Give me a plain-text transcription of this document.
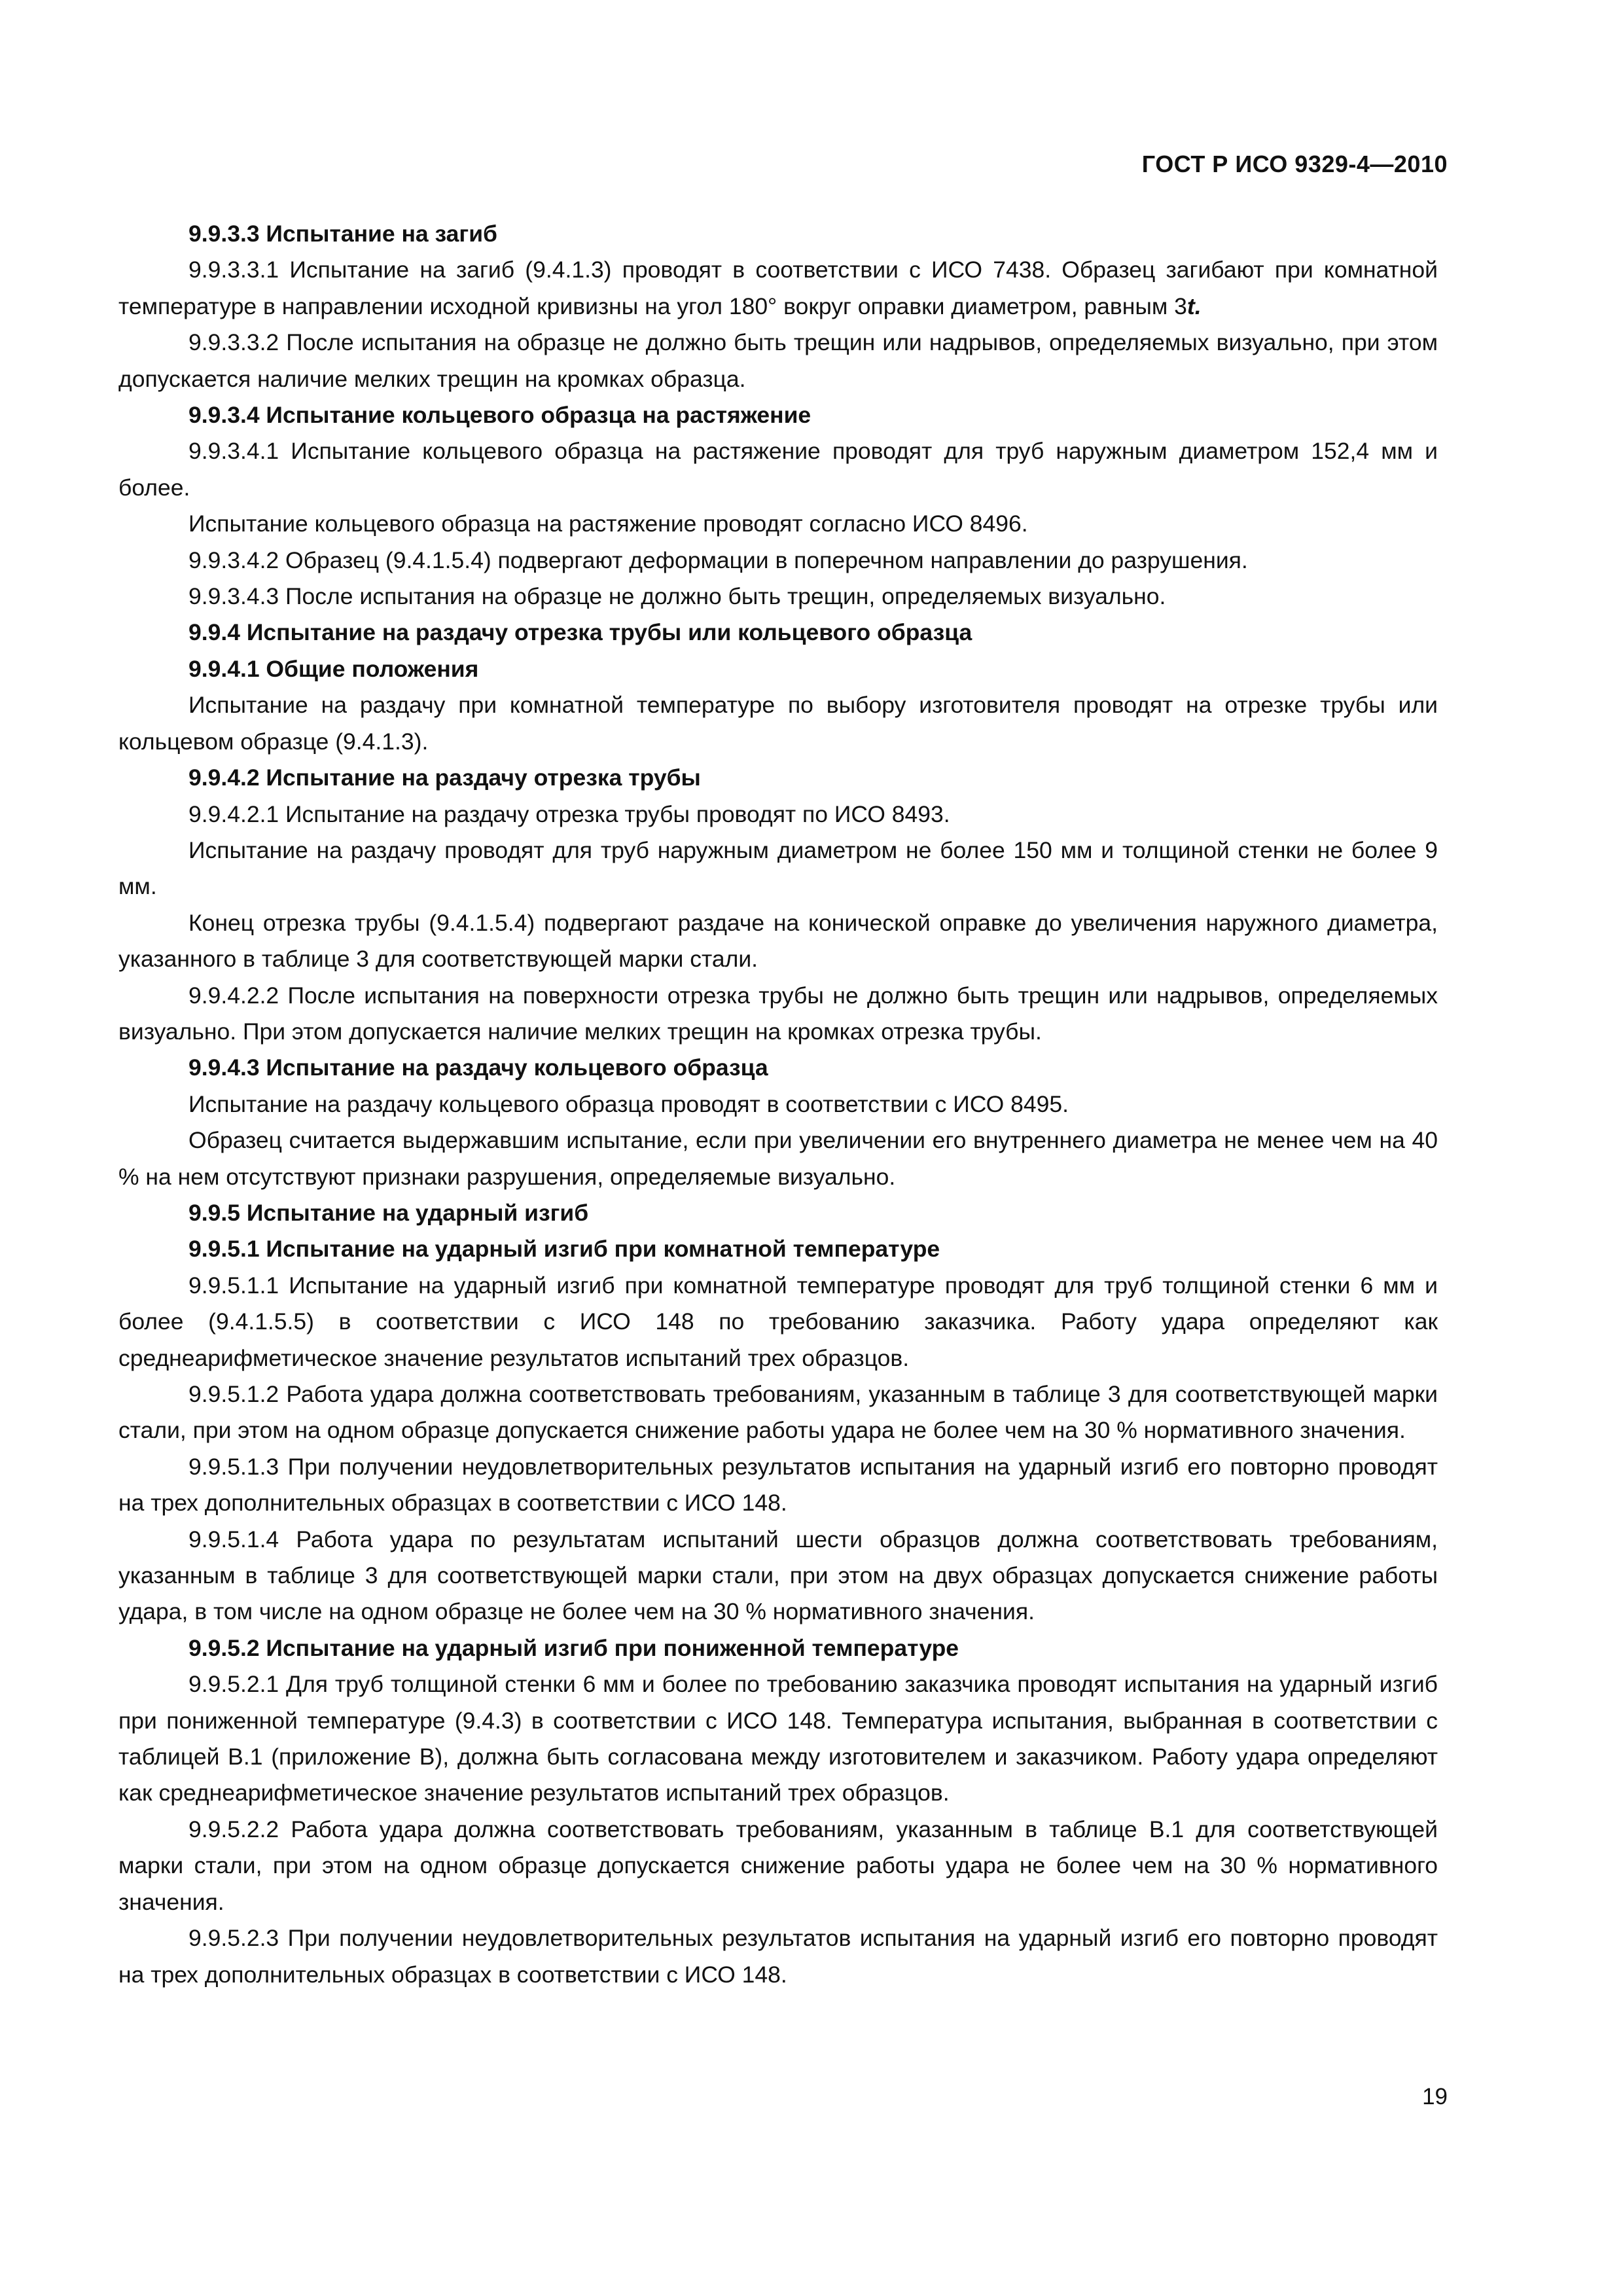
ГОСТ Р ИСО 9329-4—2010

9.9.3.3 Испытание на загиб

9.9.3.3.1 Испытание на загиб (9.4.1.3) проводят в соответствии с ИСО 7438. Образец загибают при комнатной температуре в направлении исходной кривизны на угол 180° вокруг оправки диаметром, равным 3t.

9.9.3.3.2 После испытания на образце не должно быть трещин или надрывов, определяемых визуально, при этом допускается наличие мелких трещин на кромках образца.

9.9.3.4 Испытание кольцевого образца на растяжение

9.9.3.4.1 Испытание кольцевого образца на растяжение проводят для труб наружным диаметром 152,4 мм и более.

Испытание кольцевого образца на растяжение проводят согласно ИСО 8496.

9.9.3.4.2 Образец (9.4.1.5.4) подвергают деформации в поперечном направлении до разрушения.

9.9.3.4.3 После испытания на образце не должно быть трещин, определяемых визуально.

9.9.4 Испытание на раздачу отрезка трубы или кольцевого образца

9.9.4.1 Общие положения

Испытание на раздачу при комнатной температуре по выбору изготовителя проводят на отрезке трубы или кольцевом образце (9.4.1.3).

9.9.4.2 Испытание на раздачу отрезка трубы

9.9.4.2.1 Испытание на раздачу отрезка трубы проводят по ИСО 8493.

Испытание на раздачу проводят для труб наружным диаметром не более 150 мм и толщиной стенки не более 9 мм.

Конец отрезка трубы (9.4.1.5.4) подвергают раздаче на конической оправке до увеличения наружного диаметра, указанного в таблице 3 для соответствующей марки стали.

9.9.4.2.2 После испытания на поверхности отрезка трубы не должно быть трещин или надрывов, определяемых визуально. При этом допускается наличие мелких трещин на кромках отрезка трубы.

9.9.4.3 Испытание на раздачу кольцевого образца

Испытание на раздачу кольцевого образца проводят в соответствии с ИСО 8495.

Образец считается выдержавшим испытание, если при увеличении его внутреннего диаметра не менее чем на 40 % на нем отсутствуют признаки разрушения, определяемые визуально.

9.9.5 Испытание на ударный изгиб

9.9.5.1 Испытание на ударный изгиб при комнатной температуре

9.9.5.1.1 Испытание на ударный изгиб при комнатной температуре проводят для труб толщиной стенки 6 мм и более (9.4.1.5.5) в соответствии с ИСО 148 по требованию заказчика. Работу удара определяют как среднеарифметическое значение результатов испытаний трех образцов.

9.9.5.1.2 Работа удара должна соответствовать требованиям, указанным в таблице 3 для соответствующей марки стали, при этом на одном образце допускается снижение работы удара не более чем на 30 % нормативного значения.

9.9.5.1.3 При получении неудовлетворительных результатов испытания на ударный изгиб его повторно проводят на трех дополнительных образцах в соответствии с ИСО 148.

9.9.5.1.4 Работа удара по результатам испытаний шести образцов должна соответствовать требованиям, указанным в таблице 3 для соответствующей марки стали, при этом на двух образцах допускается снижение работы удара, в том числе на одном образце не более чем на 30 % нормативного значения.

9.9.5.2 Испытание на ударный изгиб при пониженной температуре

9.9.5.2.1 Для труб толщиной стенки 6 мм и более по требованию заказчика проводят испытания на ударный изгиб при пониженной температуре (9.4.3) в соответствии с ИСО 148. Температура испытания, выбранная в соответствии с таблицей В.1 (приложение В), должна быть согласована между изготовителем и заказчиком. Работу удара определяют как среднеарифметическое значение результатов испытаний трех образцов.

9.9.5.2.2 Работа удара должна соответствовать требованиям, указанным в таблице В.1 для соответствующей марки стали, при этом на одном образце допускается снижение работы удара не более чем на 30 % нормативного значения.

9.9.5.2.3 При получении неудовлетворительных результатов испытания на ударный изгиб его повторно проводят на трех дополнительных образцах в соответствии с ИСО 148.

19
